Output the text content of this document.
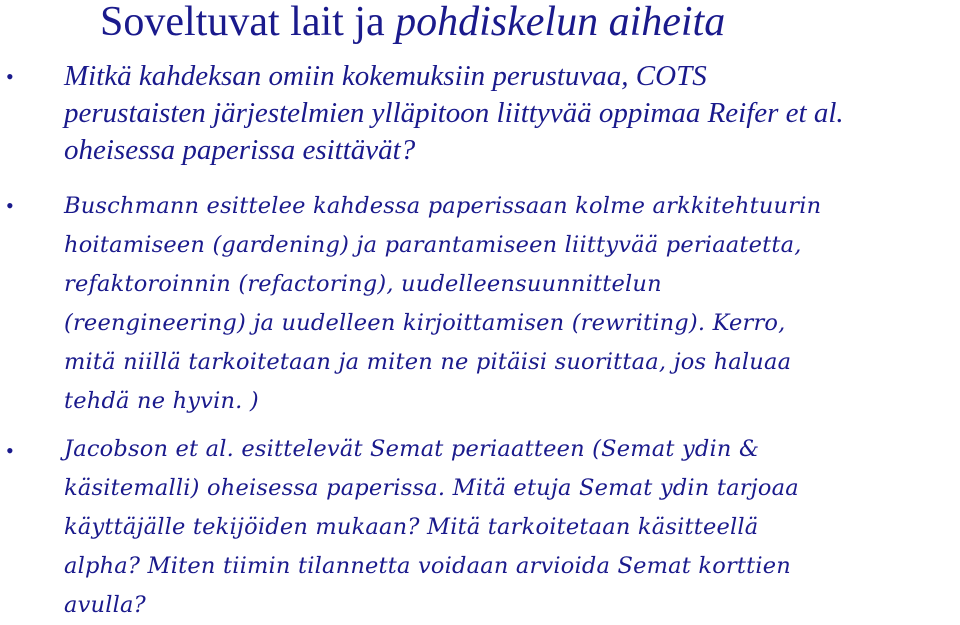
Soveltuvat lait ja pohdiskelun aiheita
• Mitkä kahdeksan omiin kokemuksiin perustuvaa, COTS
perustaisten järjestelmien ylläpitoon liittyvää oppimaa Reifer et al.
oheisessa paperissa esittävät?
• Buschmann esittelee kahdessa paperissaan kolme arkkitehtuurin
hoitamiseen (gardening) ja parantamiseen liittyvää periaatetta,
refaktoroinnin (refactoring), uudelleensuunnittelun
(reengineering) ja uudelleen kirjoittamisen (rewriting). Kerro,
mitä niillä tarkoitetaan ja miten ne pitäisi suorittaa, jos haluaa
tehdä ne hyvin. )
• Jacobson et al. esittelevät Semat periaatteen (Semat ydin &
käsitemalli) oheisessa paperissa. Mitä etuja Semat ydin tarjoaa
käyttäjälle tekijöiden mukaan? Mitä tarkoitetaan käsitteellä
alpha? Miten tiimin tilannetta voidaan arvioida Semat korttien
avulla?
